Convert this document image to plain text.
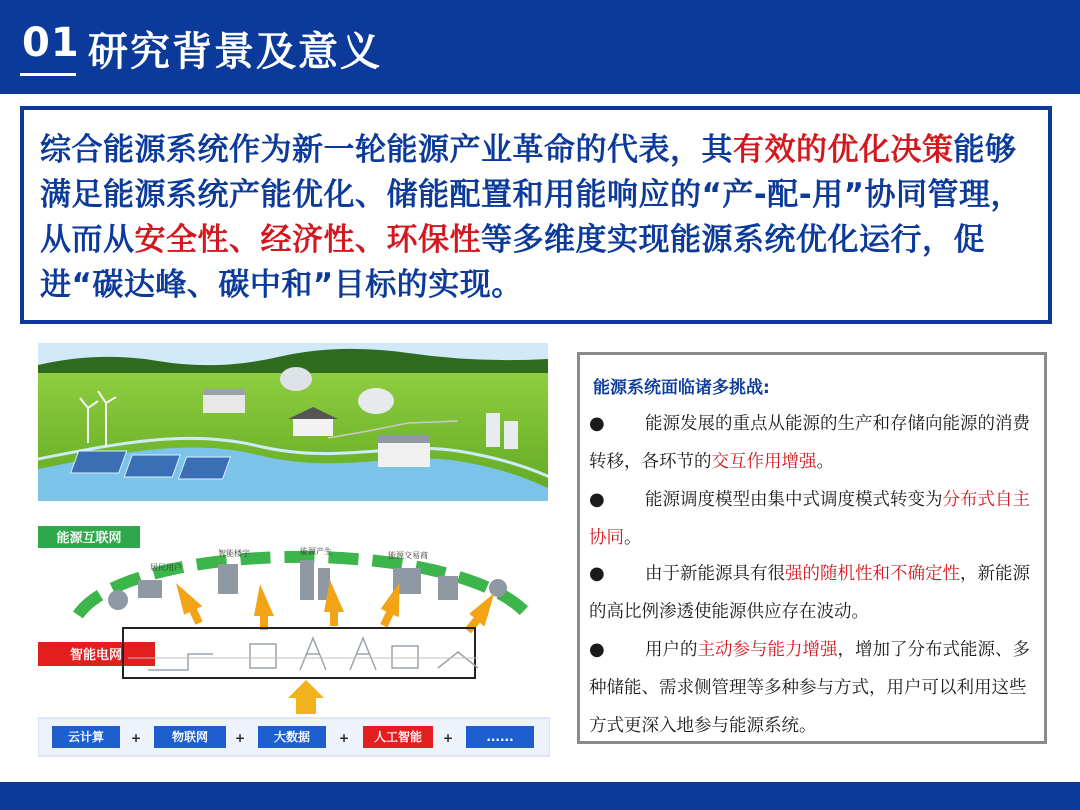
01 研究背景及意义

综合能源系统作为新一轮能源产业革命的代表，其有效的优化决策能够满足能源系统产能优化、储能配置和用能响应的“产-配-用”协同管理，从而从安全性、经济性、环保性等多维度实现能源系统优化运行，促进“碳达峰、碳中和”目标的实现。

能源互联网
居民用户
智能楼宇	能源产生	能源交易商
智能电网
云计算 +	物联网 + 大数据 + 人工智能 +	......
能源系统面临诸多挑战:
● 能源发展的重点从能源的生产和存储向能源的消费转移，各环节的交互作用增强。
● 能源调度模型由集中式调度模式转变为分布式自主协同。
● 由于新能源具有很强的随机性和不确定性，新能源的高比例渗透使能源供应存在波动。
● 用户的主动参与能力增强，增加了分布式能源、多种储能、需求侧管理等多种参与方式，用户可以利用这些方式更深入地参与能源系统。
